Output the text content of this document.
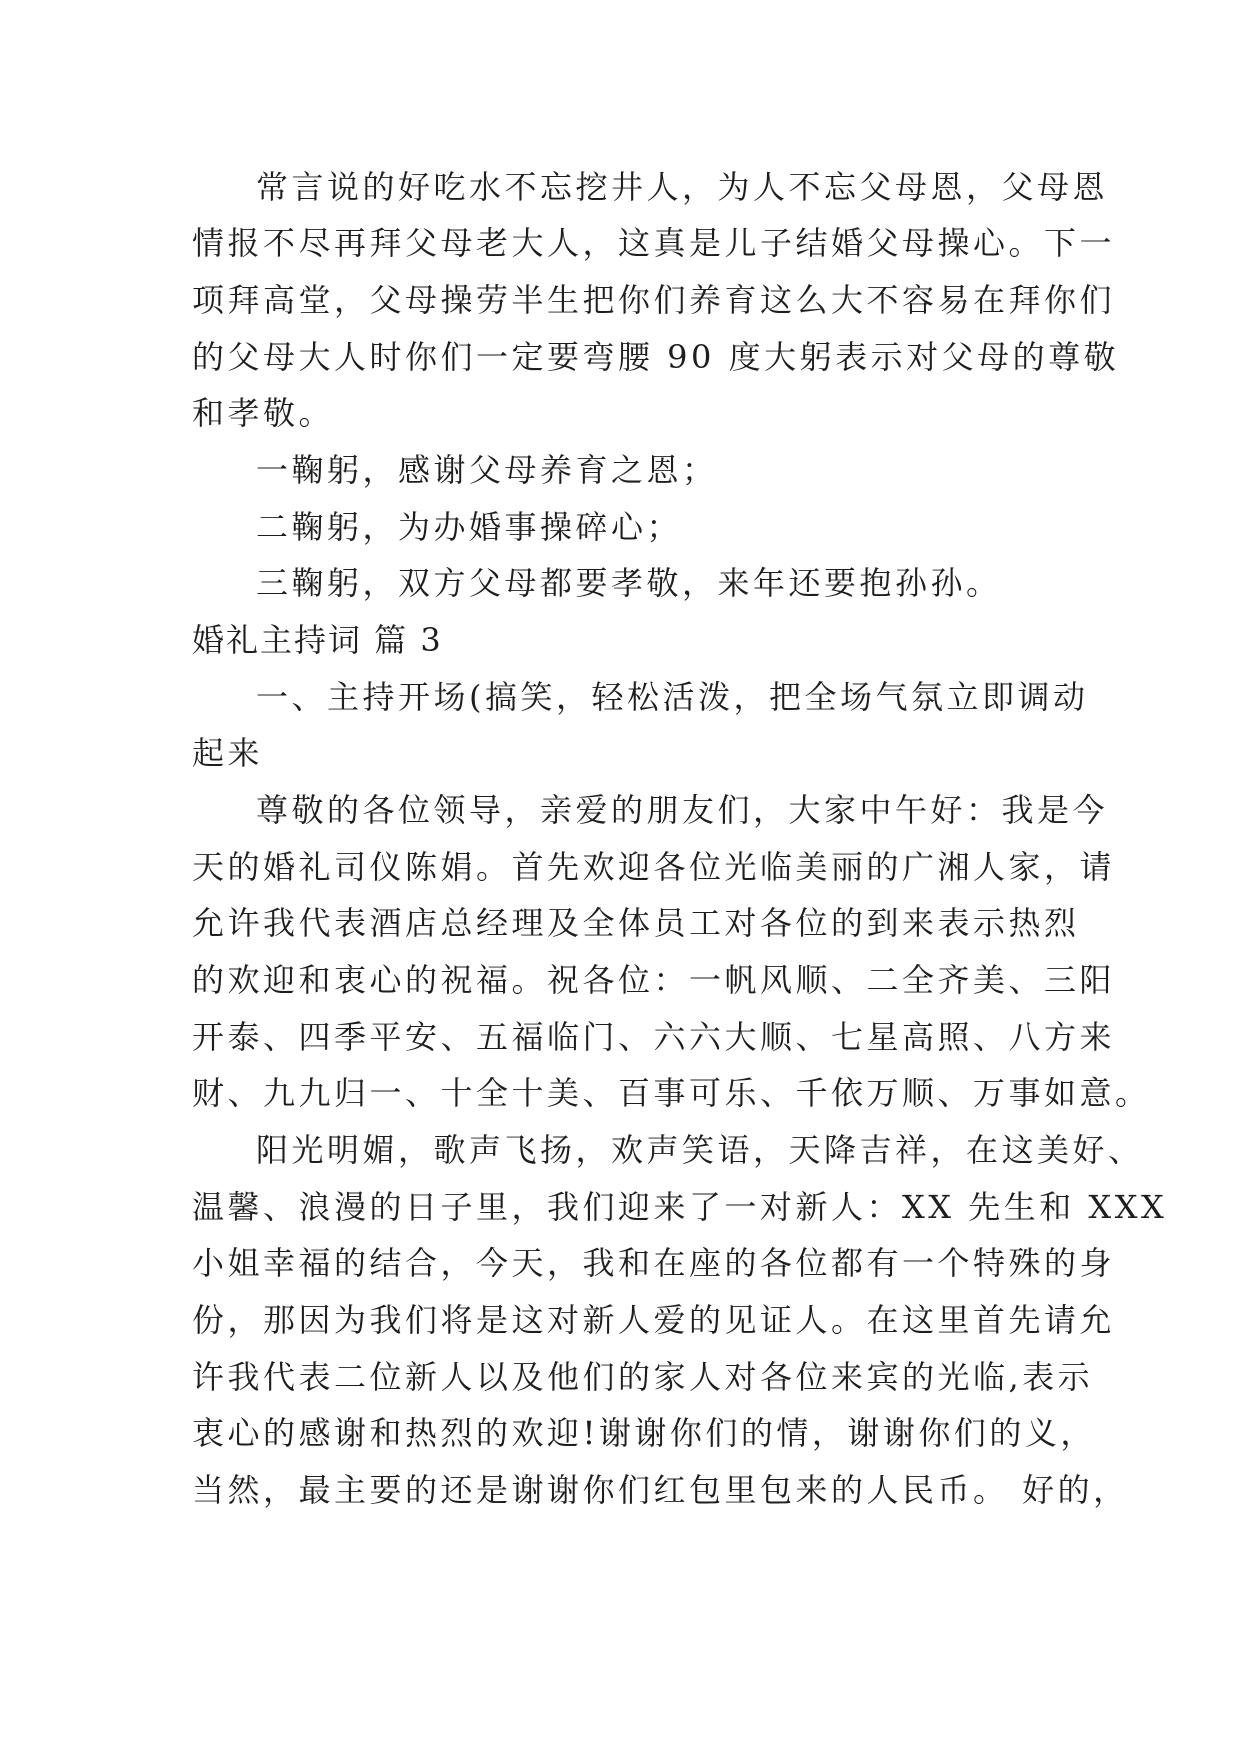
常言说的好吃水不忘挖井人，为人不忘父母恩，父母恩
情报不尽再拜父母老大人，这真是儿子结婚父母操心。下一
项拜高堂，父母操劳半生把你们养育这么大不容易在拜你们
的父母大人时你们一定要弯腰 90 度大躬表示对父母的尊敬
和孝敬。
一鞠躬，感谢父母养育之恩；
二鞠躬，为办婚事操碎心；
三鞠躬，双方父母都要孝敬，来年还要抱孙孙。
婚礼主持词 篇 3
一、主持开场(搞笑，轻松活泼，把全场气氛立即调动
起来
尊敬的各位领导，亲爱的朋友们，大家中午好：我是今
天的婚礼司仪陈娟。首先欢迎各位光临美丽的广湘人家，请
允许我代表酒店总经理及全体员工对各位的到来表示热烈
的欢迎和衷心的祝福。祝各位：一帆风顺、二全齐美、三阳
开泰、四季平安、五福临门、六六大顺、七星高照、八方来
财、九九归一、十全十美、百事可乐、千依万顺、万事如意。
阳光明媚，歌声飞扬，欢声笑语，天降吉祥，在这美好、
温馨、浪漫的日子里，我们迎来了一对新人：XX 先生和 XXX
小姐幸福的结合，今天，我和在座的各位都有一个特殊的身
份，那因为我们将是这对新人爱的见证人。在这里首先请允
许我代表二位新人以及他们的家人对各位来宾的光临,表示
衷心的感谢和热烈的欢迎!谢谢你们的情，谢谢你们的义，
当然，最主要的还是谢谢你们红包里包来的人民币。 好的，
